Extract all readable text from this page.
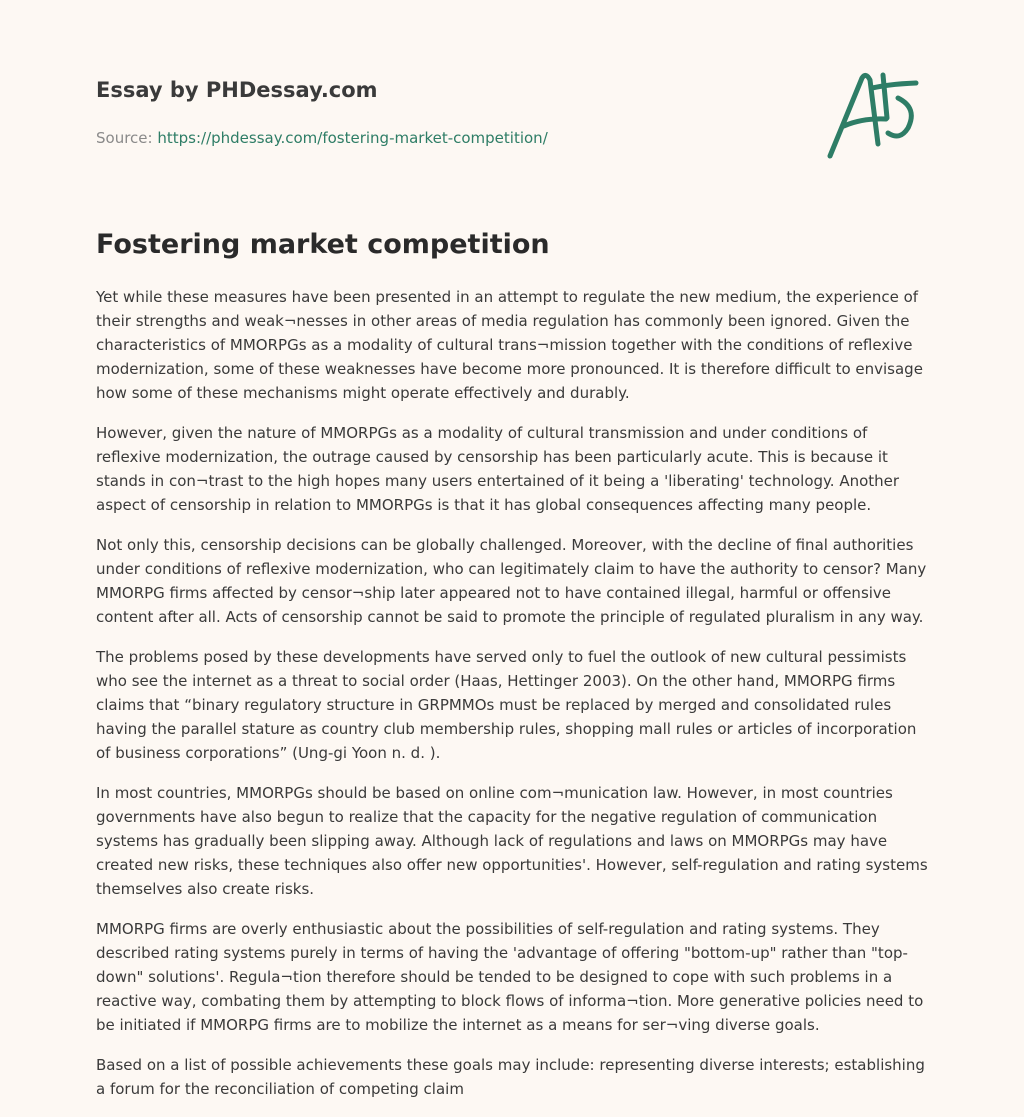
Essay by PHDessay.com
Source: https://phdessay.com/fostering-market-competition/
Fostering market competition

Yet while these measures have been presented in an attempt to regulate the new medium, the experience of their strengths and weak¬nesses in other areas of media regulation has commonly been ignored. Given the characteristics of MMORPGs as a modality of cultural trans¬mission together with the conditions of reflexive modernization, some of these weaknesses have become more pronounced. It is therefore difficult to envisage how some of these mechanisms might operate effectively and durably.

However, given the nature of MMORPGs as a modality of cultural transmission and under conditions of reflexive modernization, the outrage caused by censorship has been particularly acute. This is because it stands in con¬trast to the high hopes many users entertained of it being a 'liberating' technology. Another aspect of censorship in relation to MMORPGs is that it has global consequences affecting many people.

Not only this, censorship decisions can be globally challenged. Moreover, with the decline of final authorities under conditions of reflexive modernization, who can legitimately claim to have the authority to censor? Many MMORPG firms affected by censor¬ship later appeared not to have contained illegal, harmful or offensive content after all. Acts of censorship cannot be said to promote the principle of regulated pluralism in any way.

The problems posed by these developments have served only to fuel the outlook of new cultural pessimists who see the internet as a threat to social order (Haas, Hettinger 2003). On the other hand, MMORPG firms claims that “binary regulatory structure in GRPMMOs must be replaced by merged and consolidated rules having the parallel stature as country club membership rules, shopping mall rules or articles of incorporation of business corporations” (Ung-gi Yoon n. d. ).

In most countries, MMORPGs should be based on online com¬munication law. However, in most countries governments have also begun to realize that the capacity for the negative regulation of communication systems has gradually been slipping away. Although lack of regulations and laws on MMORPGs may have created new risks, these techniques also offer new opportunities'. However, self-regulation and rating systems themselves also create risks.

MMORPG firms are overly enthusiastic about the possibilities of self-regulation and rating systems. They described rating systems purely in terms of having the 'advantage of offering "bottom-up" rather than "top-down" solutions'. Regula¬tion therefore should be tended to be designed to cope with such problems in a reactive way, combating them by attempting to block flows of informa¬tion. More generative policies need to be initiated if MMORPG firms are to mobilize the internet as a means for ser¬ving diverse goals.

Based on a list of possible achievements these goals may include: representing diverse interests; establishing a forum for the reconciliation of competing claim
